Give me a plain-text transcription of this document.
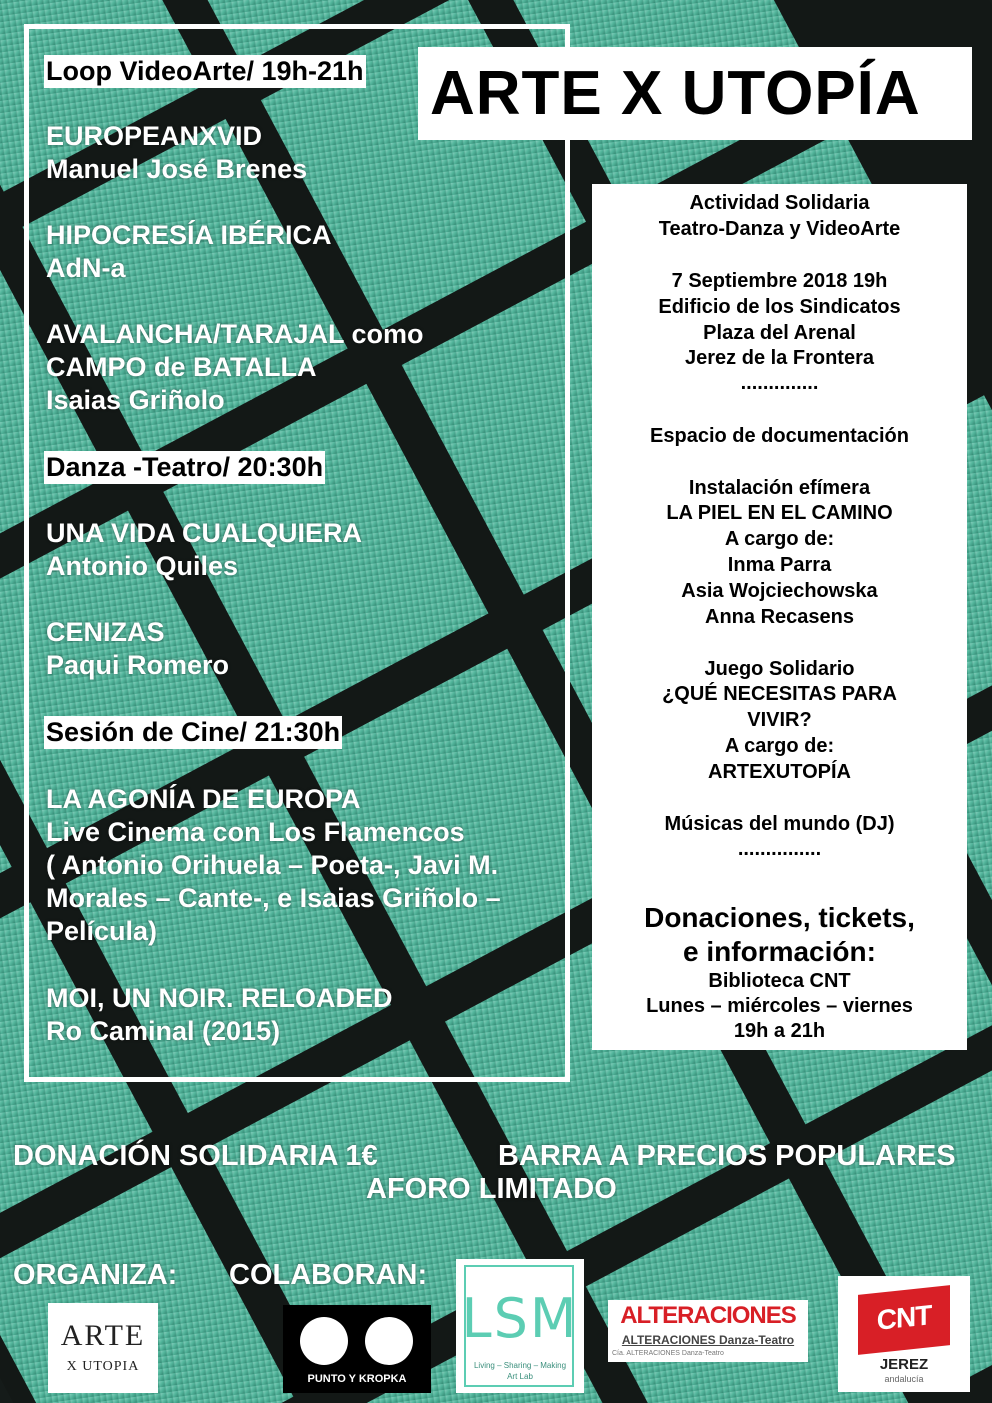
ARTE X UTOPÍA
Loop VideoArte/ 19h-21h
EUROPEANXVID
Manuel José Brenes
HIPOCRESÍA IBÉRICA
AdN-a
AVALANCHA/TARAJAL como
CAMPO de BATALLA
Isaias Griñolo
Danza -Teatro/ 20:30h
UNA VIDA CUALQUIERA
Antonio Quiles
CENIZAS
Paqui Romero
Sesión de Cine/ 21:30h
LA AGONÍA DE EUROPA
Live Cinema con Los Flamencos
( Antonio Orihuela – Poeta-, Javi M.
Morales – Cante-, e Isaias Griñolo –
Película)
MOI, UN NOIR. RELOADED
Ro Caminal (2015)
Actividad Solidaria
Teatro-Danza y VideoArte
7 Septiembre 2018 19h
Edificio de los Sindicatos
Plaza del Arenal
Jerez de la Frontera
..............
Espacio de documentación
Instalación efímera
LA PIEL EN EL CAMINO
A cargo de:
Inma Parra
Asia Wojciechowska
Anna Recasens
Juego Solidario
¿QUÉ NECESITAS PARA
VIVIR?
A cargo de:
ARTEXUTOPÍA
Músicas del mundo (DJ)
...............
Donaciones, tickets,
e información:
Biblioteca CNT
Lunes – miércoles – viernes
19h a 21h
DONACIÓN SOLIDARIA 1€	BARRA A PRECIOS POPULARES
AFORO LIMITADO
ORGANIZA: COLABORAN:
ARTE
X UTOPIA
PUNTO Y KROPKA
LSM
Living – Sharing – Making
Art Lab
ALTERACIONES
ALTERACIONES Danza-Teatro
Cía. ALTERACIONES Danza-Teatro
CNT
JEREZ
andalucía
